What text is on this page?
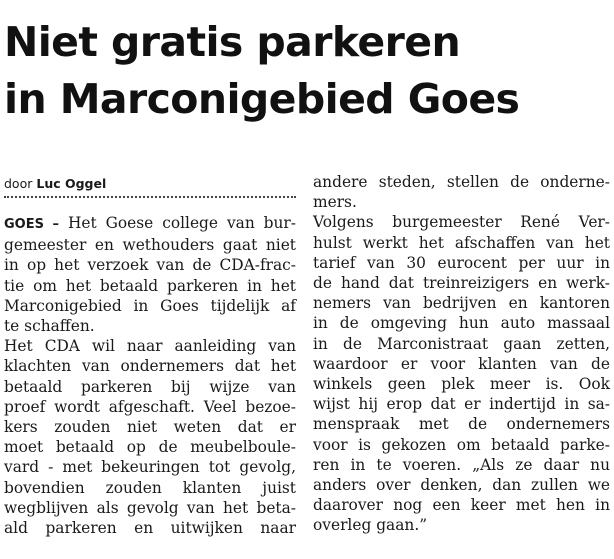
Niet gratis parkeren
in Marconigebied Goes
door Luc Oggel
GOES – Het Goese college van bur-
gemeester en wethouders gaat niet
in op het verzoek van de CDA-frac-
tie om het betaald parkeren in het
Marconigebied in Goes tijdelijk af
te schaffen.
Het CDA wil naar aanleiding van
klachten van ondernemers dat het
betaald parkeren bij wijze van
proef wordt afgeschaft. Veel bezoe-
kers zouden niet weten dat er
moet betaald op de meubelboule-
vard - met bekeuringen tot gevolg,
bovendien zouden klanten juist
wegblijven als gevolg van het beta-
ald parkeren en uitwijken naar
andere steden, stellen de onderne-
mers.
Volgens burgemeester René Ver-
hulst werkt het afschaffen van het
tarief van 30 eurocent per uur in
de hand dat treinreizigers en werk-
nemers van bedrijven en kantoren
in de omgeving hun auto massaal
in de Marconistraat gaan zetten,
waardoor er voor klanten van de
winkels geen plek meer is. Ook
wijst hij erop dat er indertijd in sa-
menspraak met de ondernemers
voor is gekozen om betaald parke-
ren in te voeren. „Als ze daar nu
anders over denken, dan zullen we
daarover nog een keer met hen in
overleg gaan.”
